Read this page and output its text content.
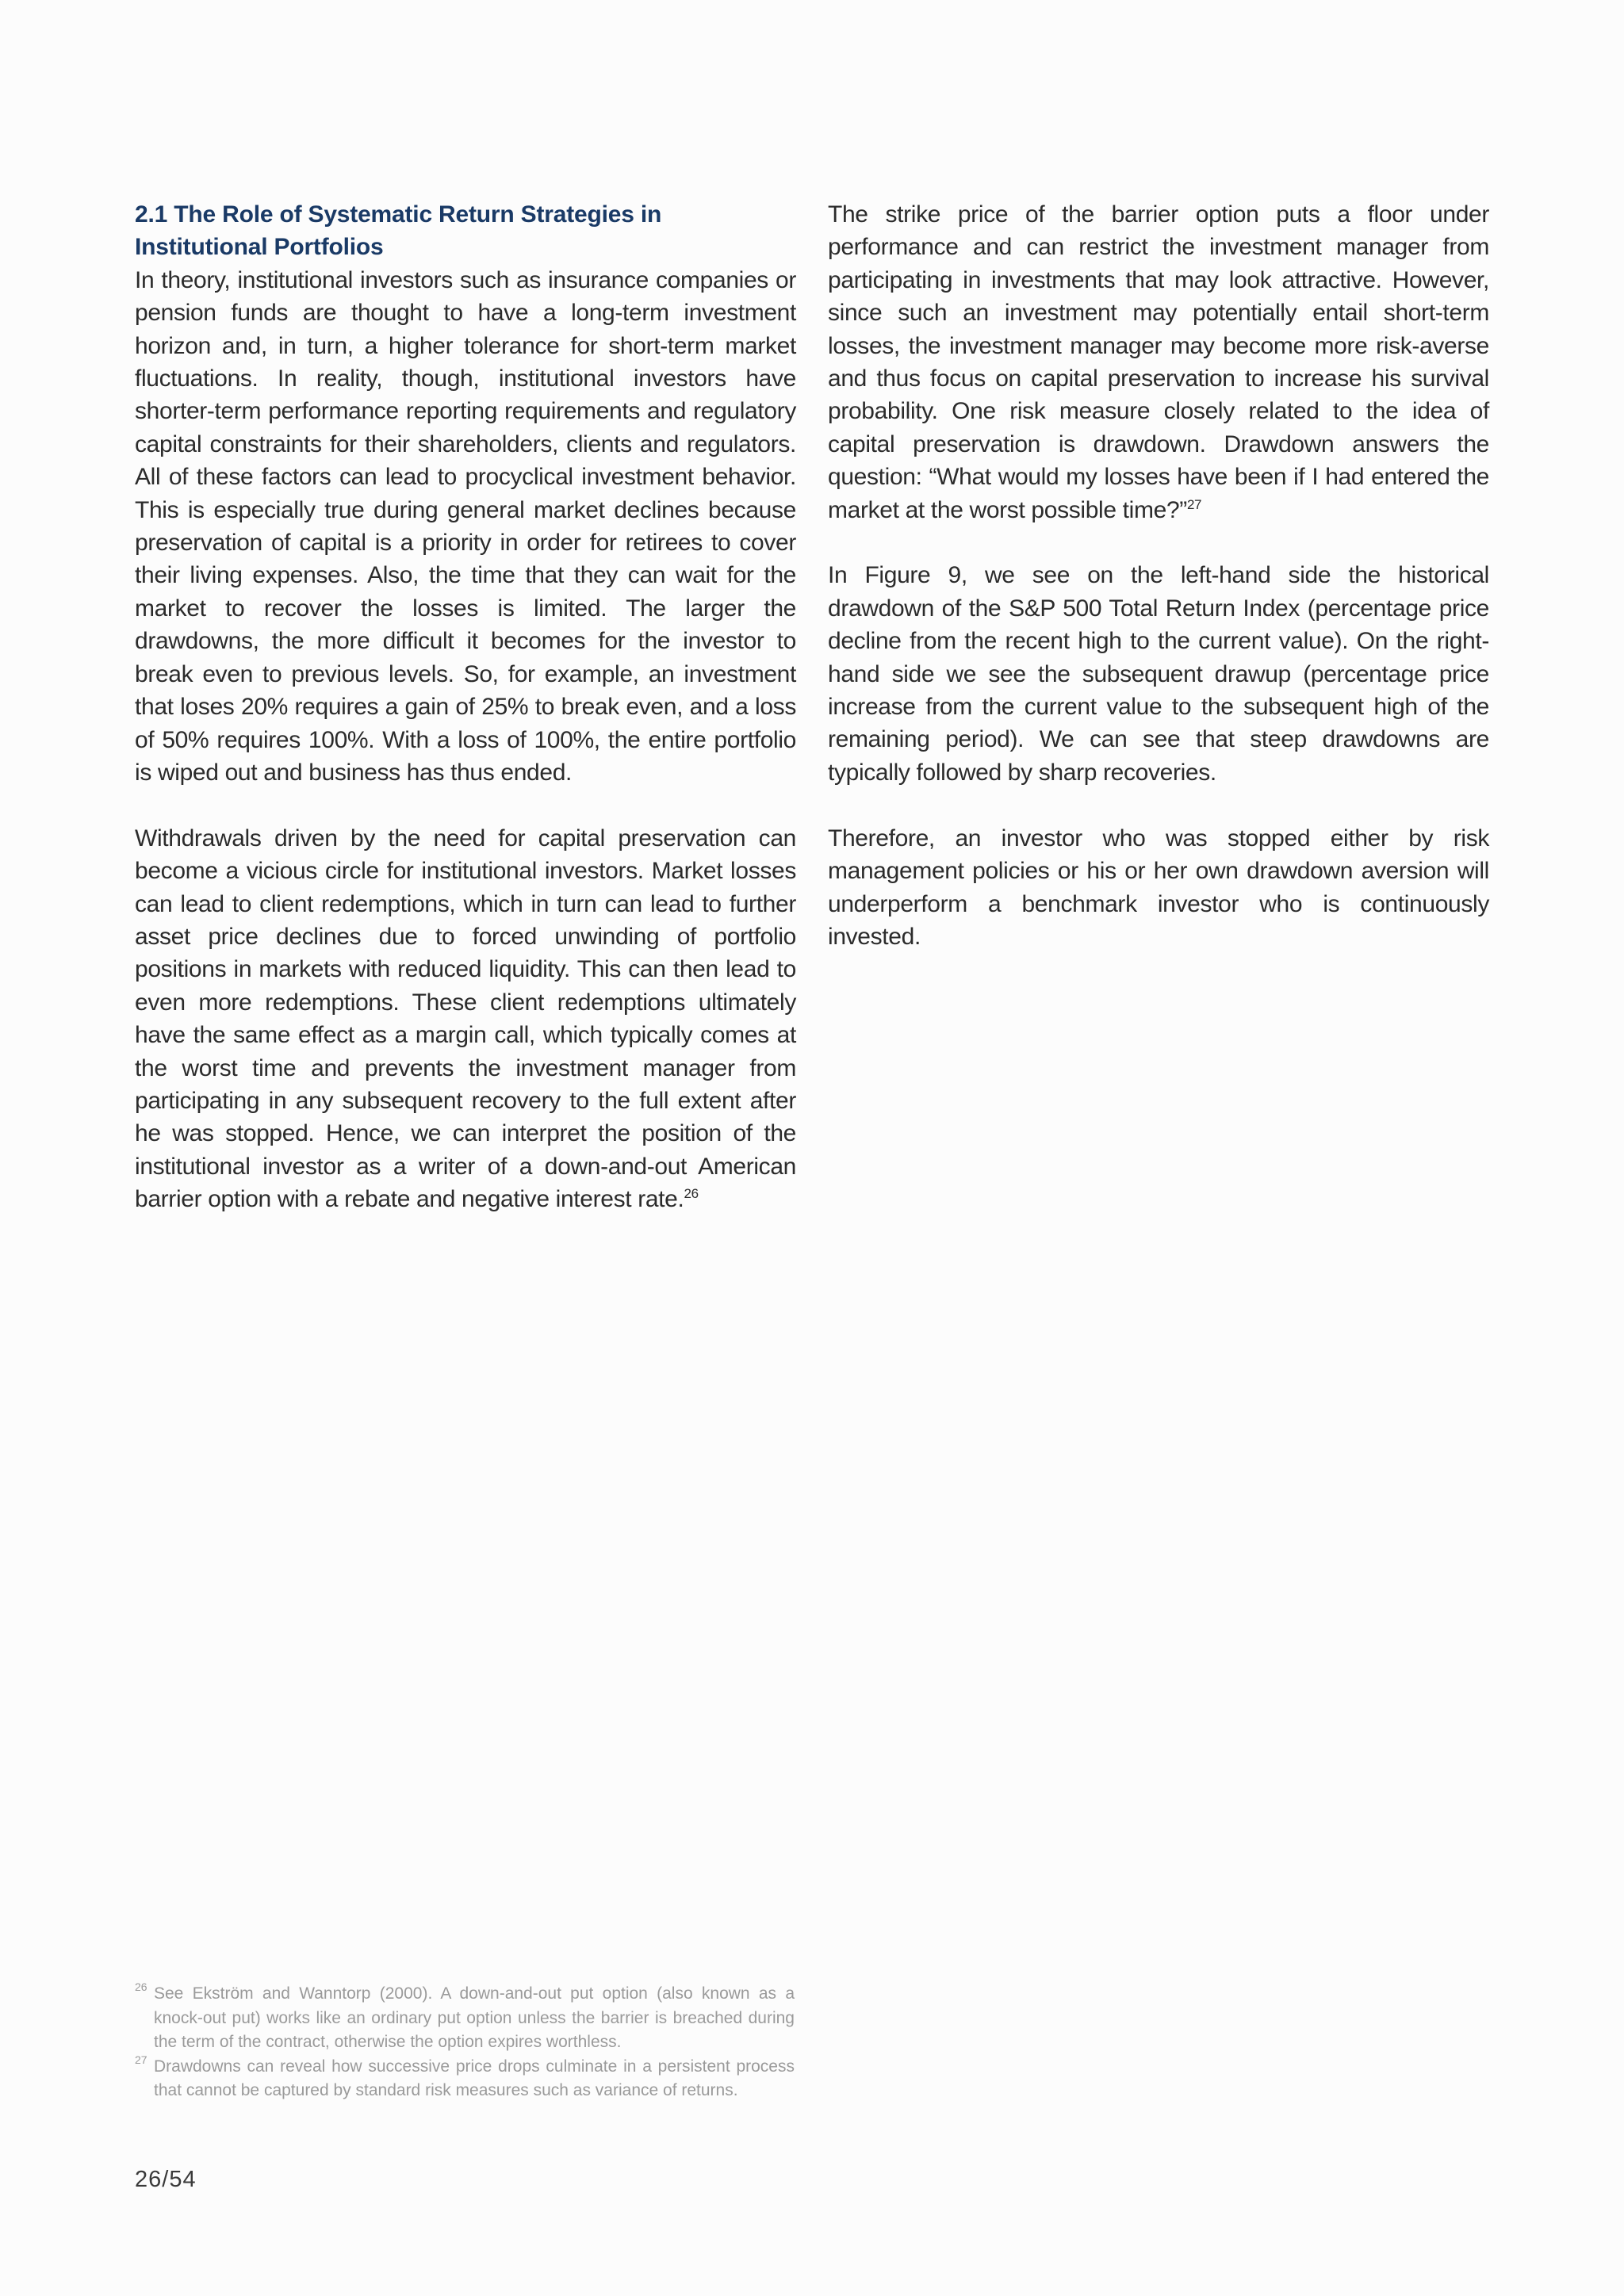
2.1 The Role of Systematic Return Strategies in Institutional Portfolios

In theory, institutional investors such as insurance companies or pension funds are thought to have a long-term investment horizon and, in turn, a higher tolerance for short-term market fluctuations. In reality, though, institutional investors have shorter-term performance reporting requirements and regulatory capital constraints for their shareholders, clients and regulators. All of these factors can lead to procyclical investment behavior. This is especially true during general market declines because preservation of capital is a priority in order for retirees to cover their living expenses. Also, the time that they can wait for the market to recover the losses is limited. The larger the drawdowns, the more difficult it becomes for the investor to break even to previous levels. So, for example, an investment that loses 20% requires a gain of 25% to break even, and a loss of 50% requires 100%. With a loss of 100%, the entire portfolio is wiped out and business has thus ended.

Withdrawals driven by the need for capital preservation can become a vicious circle for institutional investors. Market losses can lead to client redemptions, which in turn can lead to further asset price declines due to forced unwinding of portfolio positions in markets with reduced liquidity. This can then lead to even more redemptions. These client redemptions ultimately have the same effect as a margin call, which typically comes at the worst time and prevents the investment manager from participating in any subsequent recovery to the full extent after he was stopped. Hence, we can interpret the position of the institutional investor as a writer of a down-and-out American barrier option with a rebate and negative interest rate.$^{26}$

The strike price of the barrier option puts a floor under performance and can restrict the investment manager from participating in investments that may look attractive. However, since such an investment may potentially entail short-term losses, the investment manager may become more risk-averse and thus focus on capital preservation to increase his survival probability. One risk measure closely related to the idea of capital preservation is drawdown. Drawdown answers the question: “What would my losses have been if I had entered the market at the worst possible time?”$^{27}$

In Figure 9, we see on the left-hand side the historical drawdown of the S&P 500 Total Return Index (percentage price decline from the recent high to the current value). On the right-hand side we see the subsequent drawup (percentage price increase from the current value to the subsequent high of the remaining period). We can see that steep drawdowns are typically followed by sharp recoveries.

Therefore, an investor who was stopped either by risk management policies or his or her own drawdown aversion will underperform a benchmark investor who is continuously invested.

26 See Ekström and Wanntorp (2000). A down-and-out put option (also known as a knock-out put) works like an ordinary put option unless the barrier is breached during the term of the contract, otherwise the option expires worthless.

27 Drawdowns can reveal how successive price drops culminate in a persistent process that cannot be captured by standard risk measures such as variance of returns.

26/54
